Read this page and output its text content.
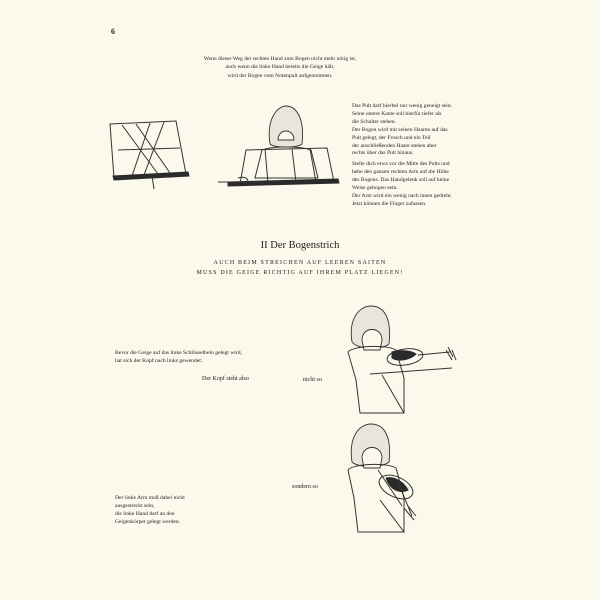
6
Wenn dieser Weg der rechten Hand zum Bogen nicht mehr nötig ist,
auch wenn die linke Hand bereits die Geige hält,
wird der Bogen vom Notenpult aufgenommen.

Das Pult darf hierbei nur wenig geneigt sein.
Seine untere Kante soll hierfür tiefer als
die Schulter stehen.
Der Bogen wird mit seinen Haaren auf das
Pult gelegt, der Frosch und ein Teil
der anschließenden Haare stehen aber
rechts über das Pult hinaus.

Stelle dich etwa vor die Mitte des Pults und
hebe den ganzen rechten Arm auf die Höhe
des Bogens. Das Handgelenk soll auf keine
Weise gebogen sein.
Der Arm wird ein wenig nach innen gedreht.
Jetzt können die Finger zufassen.

II Der Bogenstrich
AUCH BEIM STREICHEN AUF LEEREN SAITEN
MUSS DIE GEIGE RICHTIG AUF IHREM PLATZ LIEGEN!
Bevor die Geige auf das linke Schlüsselbein gelegt wird,
hat sich der Kopf nach links gewendet:
Der Kopf steht also	nicht so
sondern so
Der linke Arm muß dabei nicht
ausgestreckt sein,
die linke Hand darf an den
Geigenkörper gelegt werden.
